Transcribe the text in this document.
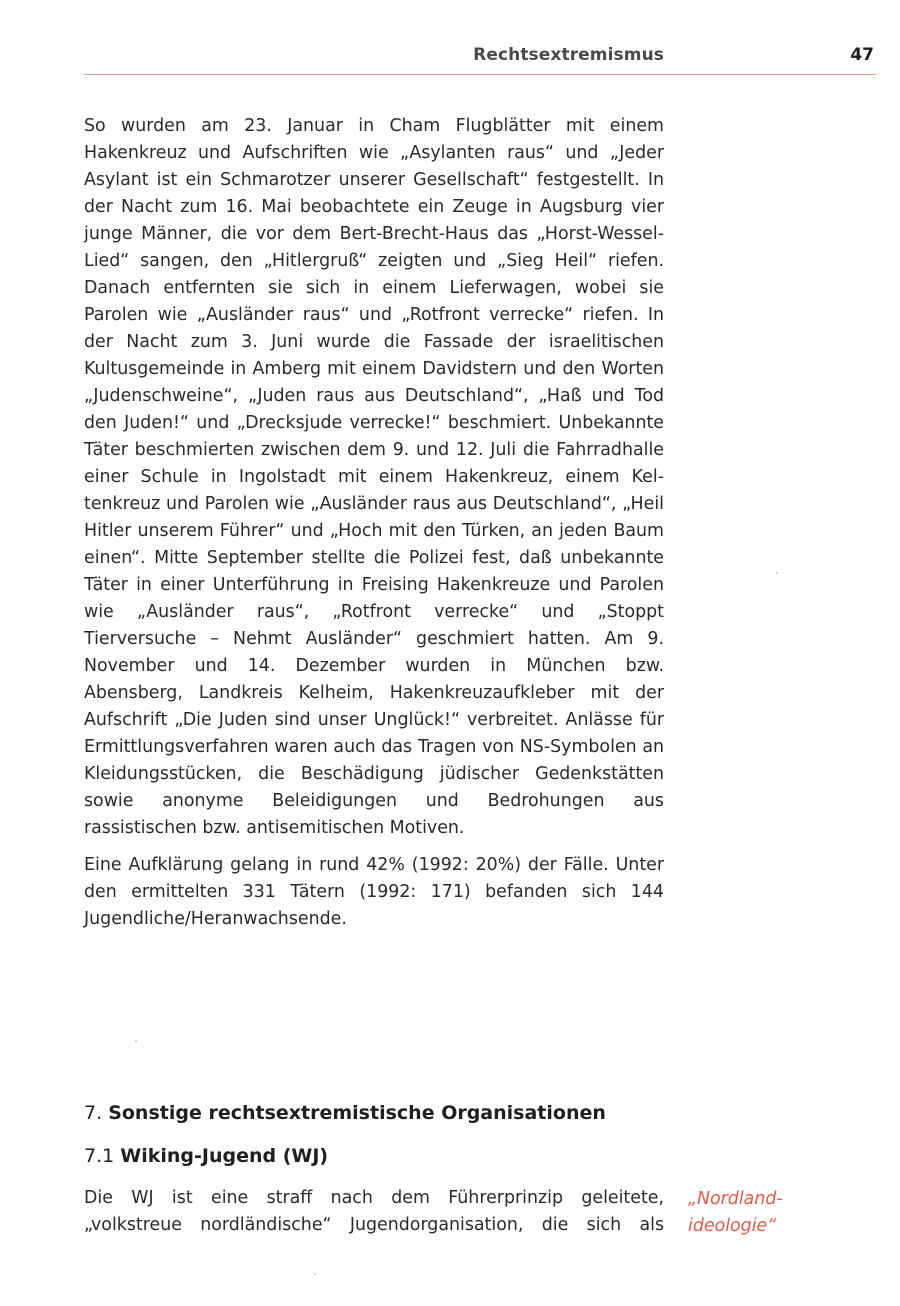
Rechtsextremismus	47

So wurden am 23. Januar in Cham Flugblätter mit einem Hakenkreuz und Aufschriften wie „Asylanten raus“ und „Jeder Asylant ist ein Schmarotzer unserer Gesellschaft“ festgestellt. In der Nacht zum 16. Mai beobachtete ein Zeuge in Augsburg vier junge Männer, die vor dem Bert-Brecht-Haus das „Horst-Wessel-Lied“ sangen, den „Hitlergruß“ zeigten und „Sieg Heil“ riefen. Danach entfernten sie sich in einem Lieferwagen, wobei sie Parolen wie „Ausländer raus“ und „Rotfront verrecke“ riefen. In der Nacht zum 3. Juni wurde die Fassade der israelitischen Kultusgemeinde in Amberg mit einem Davidstern und den Worten „Judenschweine“, „Juden raus aus Deutschland“, „Haß und Tod den Juden!“ und „Drecksjude verrecke!“ beschmiert. Unbekannte Täter beschmierten zwischen dem 9. und 12. Juli die Fahrradhalle einer Schule in Ingolstadt mit einem Hakenkreuz, einem Keltenkreuz und Parolen wie „Ausländer raus aus Deutschland“, „Heil Hitler unserem Führer“ und „Hoch mit den Türken, an jeden Baum einen“. Mitte September stellte die Polizei fest, daß unbekannte Täter in einer Unterführung in Freising Hakenkreuze und Parolen wie „Ausländer raus“, „Rotfront verrecke“ und „Stoppt Tierversuche – Nehmt Ausländer“ geschmiert hatten. Am 9. November und 14. Dezember wurden in München bzw. Abensberg, Landkreis Kelheim, Hakenkreuzaufkleber mit der Aufschrift „Die Juden sind unser Unglück!“ verbreitet. Anlässe für Ermittlungsverfahren waren auch das Tragen von NS-Symbolen an Kleidungsstücken, die Beschädigung jüdischer Gedenkstätten sowie anonyme Beleidigungen und Bedrohungen aus rassistischen bzw. antisemitischen Motiven.

Eine Aufklärung gelang in rund 42% (1992: 20%) der Fälle. Unter den ermittelten 331 Tätern (1992: 171) befanden sich 144 Jugendliche/Heranwachsende.

7. Sonstige rechtsextremistische Organisationen
7.1 Wiking-Jugend (WJ)

Die WJ ist eine straff nach dem Führerprinzip geleitete, „volkstreue nordländische“ Jugendorganisation, die sich als

„Nordland-
ideologie“
